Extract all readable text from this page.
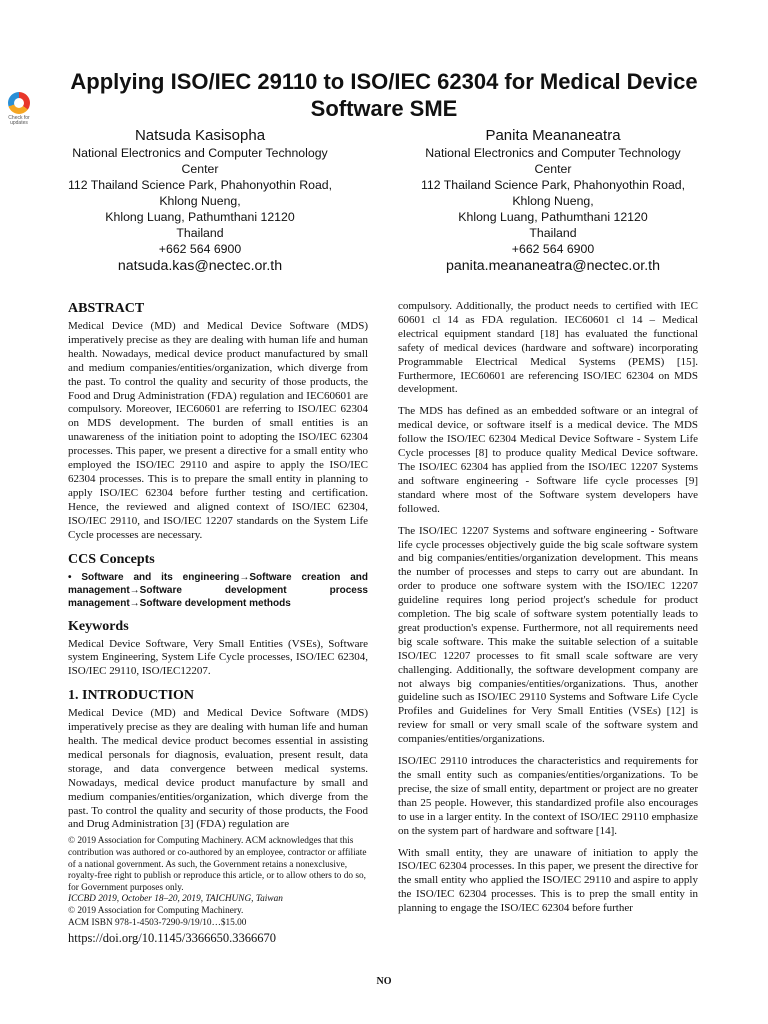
Check for
updates
Applying ISO/IEC 29110 to ISO/IEC 62304 for Medical Device Software SME
Natsuda Kasisopha
National Electronics and Computer Technology
Center
112 Thailand Science Park, Phahonyothin Road,
Khlong Nueng,
Khlong Luang, Pathumthani 12120
Thailand
+662 564 6900
natsuda.kas@nectec.or.th
Panita Meananeatra
National Electronics and Computer Technology
Center
112 Thailand Science Park, Phahonyothin Road,
Khlong Nueng,
Khlong Luang, Pathumthani 12120
Thailand
+662 564 6900
panita.meananeatra@nectec.or.th
ABSTRACT

Medical Device (MD) and Medical Device Software (MDS) imperatively precise as they are dealing with human life and human health. Nowadays, medical device product manufactured by small and medium companies/entities/organization, which diverge from the past. To control the quality and security of those products, the Food and Drug Administration (FDA) regulation and IEC60601 are compulsory. Moreover, IEC60601 are referring to ISO/IEC 62304 on MDS development. The burden of small entities is an unawareness of the initiation point to adopting the ISO/IEC 62304 processes. This paper, we present a directive for a small entity who employed the ISO/IEC 29110 and aspire to apply the ISO/IEC 62304 processes. This is to prepare the small entity in planning to apply ISO/IEC 62304 before further testing and certification. Hence, the reviewed and aligned context of ISO/IEC 62304, ISO/IEC 29110, and ISO/IEC 12207 standards on the System Life Cycle processes are necessary.

CCS Concepts

• Software and its engineering→Software creation and management→Software development process management→Software development methods

Keywords

Medical Device Software, Very Small Entities (VSEs), Software system Engineering, System Life Cycle processes, ISO/IEC 62304, ISO/IEC 29110, ISO/IEC12207.

1. INTRODUCTION

Medical Device (MD) and Medical Device Software (MDS) imperatively precise as they are dealing with human life and human health. The medical device product becomes essential in assisting medical personals for diagnosis, evaluation, present result, data storage, and data convergence between medical systems. Nowadays, medical device product manufacture by small and medium companies/entities/organization, which diverge from the past. To control the quality and security of those products, the Food and Drug Administration [3] (FDA) regulation are

© 2019 Association for Computing Machinery. ACM acknowledges that this contribution was authored or co-authored by an employee, contractor or affiliate of a national government. As such, the Government retains a nonexclusive, royalty-free right to publish or reproduce this article, or to allow others to do so, for Government purposes only.
ICCBD 2019, October 18–20, 2019, TAICHUNG, Taiwan
© 2019 Association for Computing Machinery.
ACM ISBN 978-1-4503-7290-9/19/10…$15.00
https://doi.org/10.1145/3366650.3366670

compulsory. Additionally, the product needs to certified with IEC 60601 cl 14 as FDA regulation. IEC60601 cl 14 – Medical electrical equipment standard [18] has evaluated the functional safety of medical devices (hardware and software) incorporating Programmable Electrical Medical Systems (PEMS) [15]. Furthermore, IEC60601 are referencing ISO/IEC 62304 on MDS development.

The MDS has defined as an embedded software or an integral of medical device, or software itself is a medical device. The MDS follow the ISO/IEC 62304 Medical Device Software - System Life Cycle processes [8] to produce quality Medical Device software. The ISO/IEC 62304 has applied from the ISO/IEC 12207 Systems and software engineering - Software life cycle processes [9] standard where most of the Software system developers have followed.

The ISO/IEC 12207 Systems and software engineering - Software life cycle processes objectively guide the big scale software system and big companies/entities/organization development. This means the number of processes and steps to carry out are abundant. In order to produce one software system with the ISO/IEC 12207 guideline requires long period project's schedule for product completion. The big scale of software system potentially leads to great production's expense. Furthermore, not all requirements need big scale software. This make the suitable selection of a suitable ISO/IEC 12207 processes to fit small scale software are very challenging. Additionally, the software development company are not always big companies/entities/organizations. Thus, another guideline such as ISO/IEC 29110 Systems and Software Life Cycle Profiles and Guidelines for Very Small Entities (VSEs) [12] is review for small or very small scale of the software system and companies/entities/organizations.

ISO/IEC 29110 introduces the characteristics and requirements for the small entity such as companies/entities/organizations. To be precise, the size of small entity, department or project are no greater than 25 people. However, this standardized profile also encourages to use in a larger entity. In the context of ISO/IEC 29110 emphasize on the system part of hardware and software [14].

With small entity, they are unaware of initiation to apply the ISO/IEC 62304 processes. In this paper, we present the directive for the small entity who applied the ISO/IEC 29110 and aspire to apply the ISO/IEC 62304 processes. This is to prep the small entity in planning to engage the ISO/IEC 62304 before further

NO
